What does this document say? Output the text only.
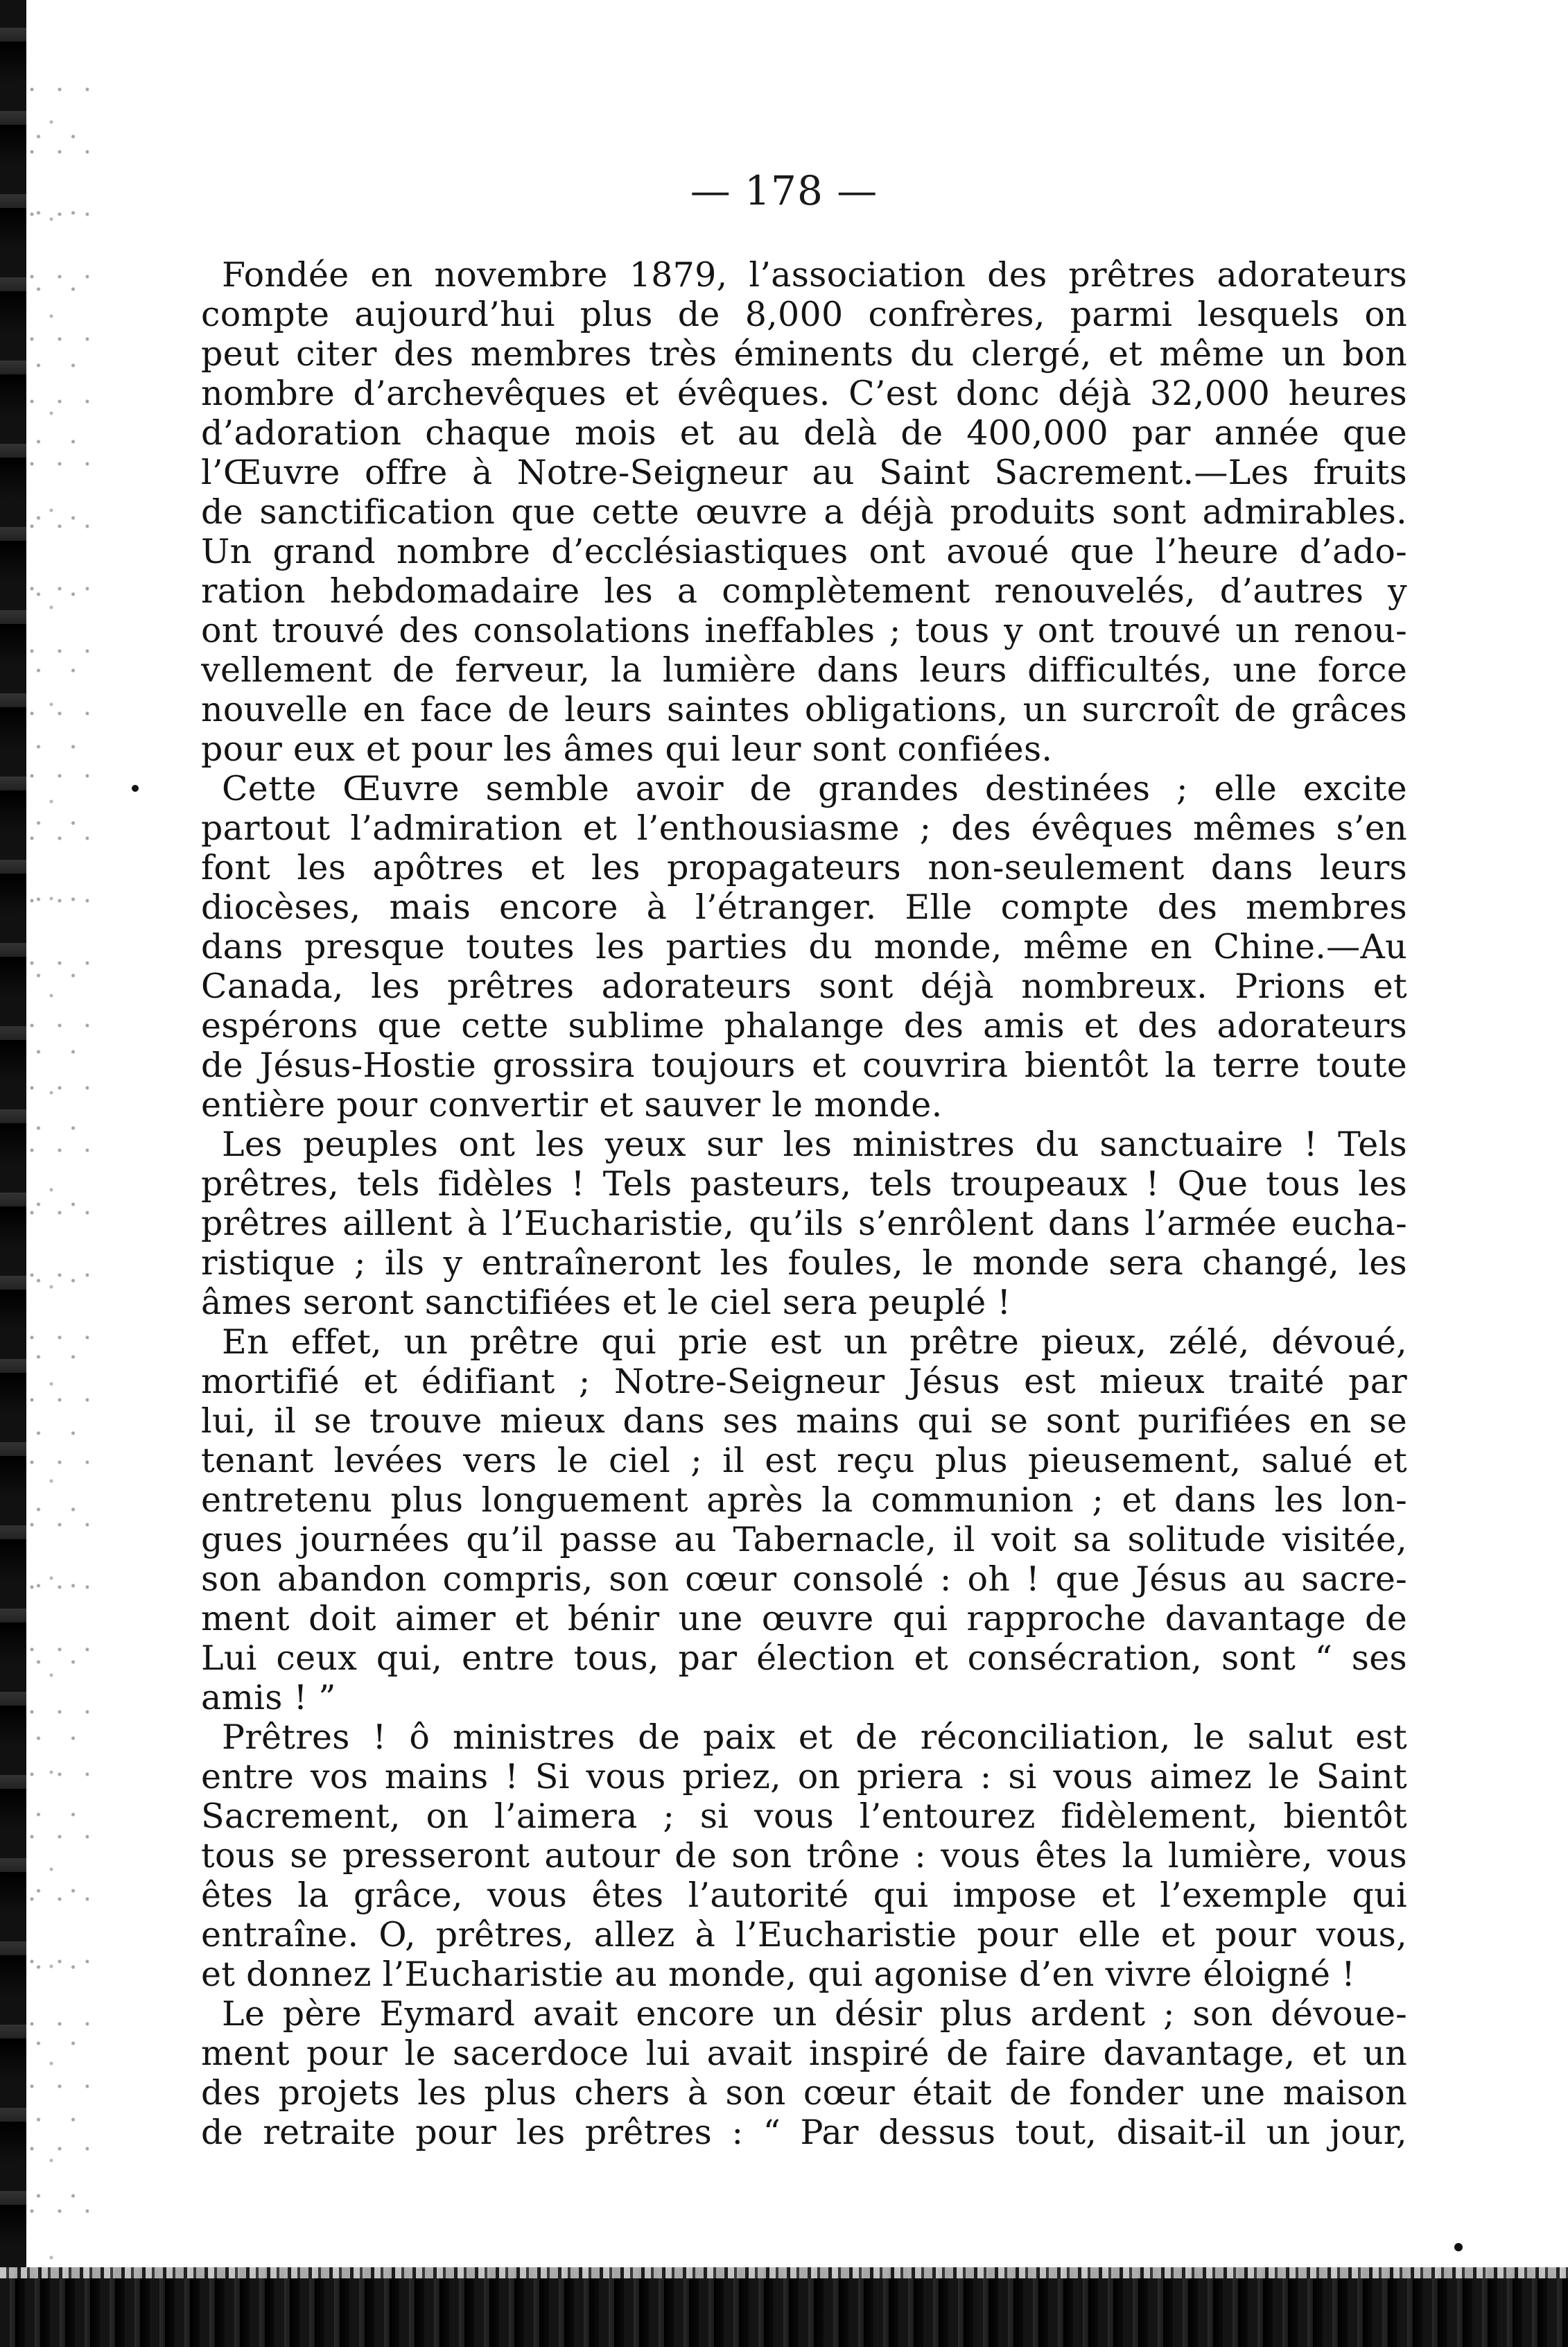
— 178 —
Fondée en novembre 1879, l’association des prêtres adorateurs
compte aujourd’hui plus de 8,000 confrères, parmi lesquels on
peut citer des membres très éminents du clergé, et même un bon
nombre d’archevêques et évêques. C’est donc déjà 32,000 heures
d’adoration chaque mois et au delà de 400,000 par année que
l’Œuvre offre à Notre-Seigneur au Saint Sacrement.—Les fruits
de sanctification que cette œuvre a déjà produits sont admirables.
Un grand nombre d’ecclésiastiques ont avoué que l’heure d’ado-
ration hebdomadaire les a complètement renouvelés, d’autres y
ont trouvé des consolations ineffables ; tous y ont trouvé un renou-
vellement de ferveur, la lumière dans leurs difficultés, une force
nouvelle en face de leurs saintes obligations, un surcroît de grâces
pour eux et pour les âmes qui leur sont confiées.
Cette Œuvre semble avoir de grandes destinées ; elle excite
partout l’admiration et l’enthousiasme ; des évêques mêmes s’en
font les apôtres et les propagateurs non-seulement dans leurs
diocèses, mais encore à l’étranger. Elle compte des membres
dans presque toutes les parties du monde, même en Chine.—Au
Canada, les prêtres adorateurs sont déjà nombreux. Prions et
espérons que cette sublime phalange des amis et des adorateurs
de Jésus-Hostie grossira toujours et couvrira bientôt la terre toute
entière pour convertir et sauver le monde.
Les peuples ont les yeux sur les ministres du sanctuaire ! Tels
prêtres, tels fidèles ! Tels pasteurs, tels troupeaux ! Que tous les
prêtres aillent à l’Eucharistie, qu’ils s’enrôlent dans l’armée eucha-
ristique ; ils y entraîneront les foules, le monde sera changé, les
âmes seront sanctifiées et le ciel sera peuplé !
En effet, un prêtre qui prie est un prêtre pieux, zélé, dévoué,
mortifié et édifiant ; Notre-Seigneur Jésus est mieux traité par
lui, il se trouve mieux dans ses mains qui se sont purifiées en se
tenant levées vers le ciel ; il est reçu plus pieusement, salué et
entretenu plus longuement après la communion ; et dans les lon-
gues journées qu’il passe au Tabernacle, il voit sa solitude visitée,
son abandon compris, son cœur consolé : oh ! que Jésus au sacre-
ment doit aimer et bénir une œuvre qui rapproche davantage de
Lui ceux qui, entre tous, par élection et consécration, sont “ ses
amis ! ”
Prêtres ! ô ministres de paix et de réconciliation, le salut est
entre vos mains ! Si vous priez, on priera : si vous aimez le Saint
Sacrement, on l’aimera ; si vous l’entourez fidèlement, bientôt
tous se presseront autour de son trône : vous êtes la lumière, vous
êtes la grâce, vous êtes l’autorité qui impose et l’exemple qui
entraîne. O, prêtres, allez à l’Eucharistie pour elle et pour vous,
et donnez l’Eucharistie au monde, qui agonise d’en vivre éloigné !
Le père Eymard avait encore un désir plus ardent ; son dévoue-
ment pour le sacerdoce lui avait inspiré de faire davantage, et un
des projets les plus chers à son cœur était de fonder une maison
de retraite pour les prêtres : “ Par dessus tout, disait-il un jour,
